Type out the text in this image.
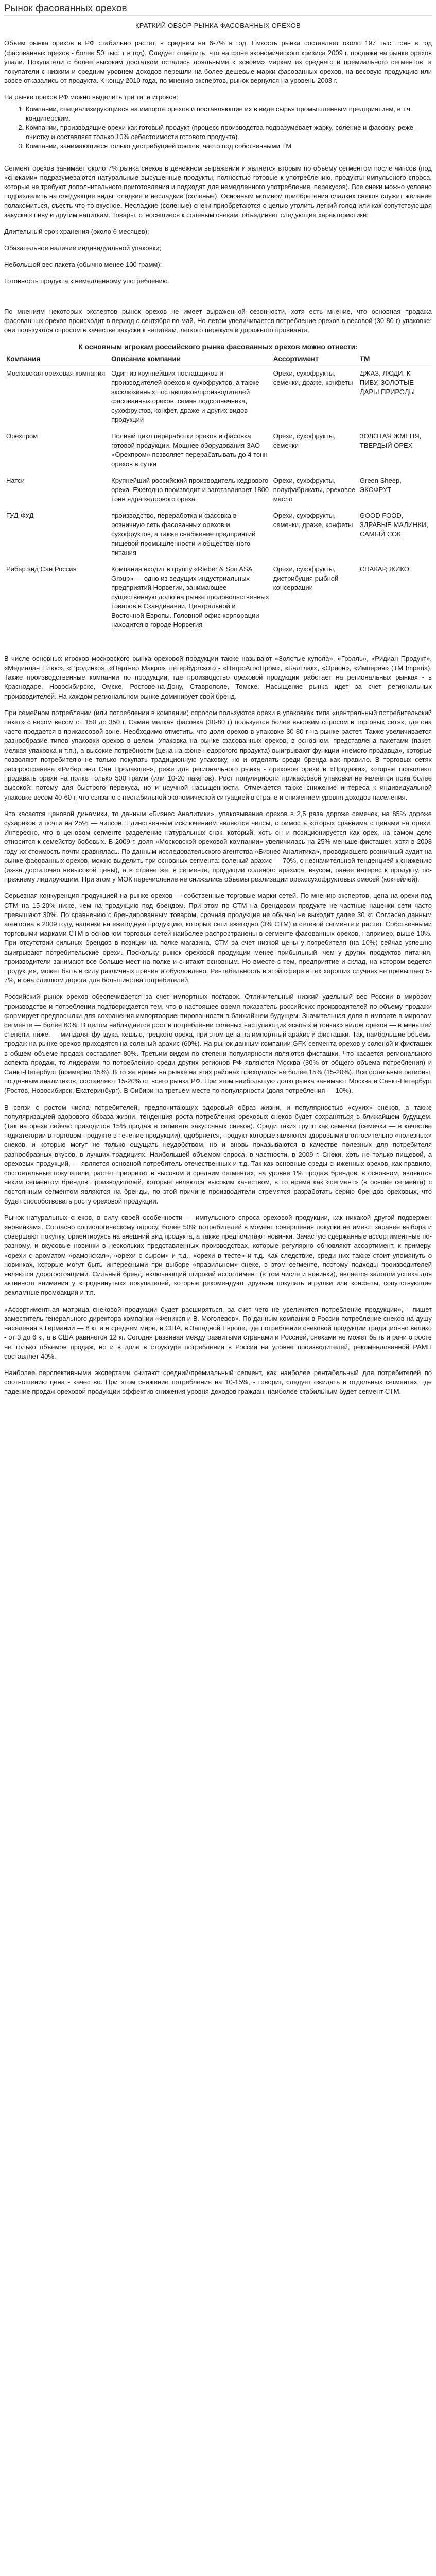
Рынок фасованных орехов
КРАТКИЙ ОБЗОР РЫНКА ФАСОВАННЫХ ОРЕХОВ

Объем рынка орехов в РФ стабильно растет, в среднем на 6-7% в год. Емкость рынка составляет около 197 тыс. тонн в год (фасованных орехов - более 50 тыс. т в год). Следует отметить, что на фоне экономического кризиса 2009 г. продажи на рынке орехов упали. Покупатели с более высоким достатком остались лояльными к «своим» маркам из среднего и премиального сегментов, а покупатели с низким и средним уровнем доходов перешли на более дешевые марки фасованных орехов, на весовую продукцию или вовсе отказались от продукта. К концу 2010 года, по мнению экспертов, рынок вернулся на уровень 2008 г.

На рынке орехов РФ можно выделить три типа игроков:

1. Компании, специализирующиеся на импорте орехов и поставляющие их в виде сырья промышленным предприятиям, в т.ч. кондитерским.
2. Компании, производящие орехи как готовый продукт (процесс производства подразумевает жарку, соление и фасовку, реже - очистку и составляет только 10% себестоимости готового продукта).
3. Компании, занимающиеся только дистрибуцией орехов, часто под собственными ТМ

Сегмент орехов занимает около 7% рынка снеков в денежном выражении и является вторым по объему сегментом после чипсов (под «снеками» подразумеваются натуральные высушенные продукты, полностью готовые к употреблению, продукты импульсного спроса, которые не требуют дополнительного приготовления и подходят для немедленного употребления, перекусов). Все снеки можно условно подразделить на следующие виды: сладкие и несладкие (соленые). Основным мотивом приобретения сладких снеков служит желание полакомиться, съесть что-то вкусное. Несладкие (соленые) снеки приобретаются с целью утолить легкий голод или как сопутствующая закуска к пиву и другим напиткам. Товары, относящиеся к соленым снекам, объединяет следующие характеристики:

Длительный срок хранения (около 6 месяцев);

Обязательное наличие индивидуальной упаковки;

Небольшой вес пакета (обычно менее 100 грамм);

Готовность продукта к немедленному употреблению.

По мнениям некоторых экспертов рынок орехов не имеет выраженной сезонности, хотя есть мнение, что основная продажа фасованных орехов происходит в период с сентября по май. Но летом увеличивается потребление орехов в весовой (30-80 г) упаковке: они пользуются спросом в качестве закуски к напиткам, легкого перекуса и дорожного провианта.

К основным игрокам российского рынка фасованных орехов можно отнести:
Компания	Описание компании	Ассортимент	ТМ
Московская ореховая компания	Один из крупнейших поставщиков и производителей орехов и сухофруктов, а также эксклюзивных поставщиков/производителей фасованных орехов, семян подсолнечника, сухофруктов, конфет, драже и других видов продукции	Орехи, сухофрукты, семечки, драже, конфеты	ДЖАЗ, ЛЮДИ, К ПИВУ, ЗОЛОТЫЕ ДАРЫ ПРИРОДЫ
Орехпром	Полный цикл переработки орехов и фасовка готовой продукции. Мощнее оборудования ЗАО «Орехпром» позволяет перерабатывать до 4 тонн орехов в сутки	Орехи, сухофрукты, семечки	ЗОЛОТАЯ ЖМЕНЯ, ТВЕРДЫЙ ОРЕХ
Натси	Крупнейший российский производитель кедрового ореха. Ежегодно производит и заготавливает 1800 тонн ядра кедрового ореха	Орехи, сухофрукты, полуфабрикаты, ореховое масло	Green Sheep, ЭКОФРУТ
ГУД-ФУД	производство, переработка и фасовка в розничную сеть фасованных орехов и сухофруктов, а также снабжение предприятий пищевой промышленности и общественного питания	Орехи, сухофрукты, семечки, драже, конфеты	GOOD FOOD, ЗДРАВЫЕ МАЛИНКИ, САМЫЙ СОК
Рибер энд Сан Россия	Компания входит в группу «Rieber & Son ASA Group» — одно из ведущих индустриальных предприятий Норвегии, занимающее существенную долю на рынке продовольственных товаров в Скандинавии, Центральной и Восточной Европы. Головной офис корпорации находится в городе Норвегия	Орехи, сухофрукты, дистрибуция рыбной консервации	СНАКАР, ЖИКО

В числе основных игроков московского рынка ореховой продукции также называют «Золотые купола», «Грэлль», «Ридиан Продукт», «Медиалан Плюс», «Продинко», «Партнер Макро», петербургского - «ПетроАгроПром», «Балтлак», «Орион», «Империя» (TM Imperia). Также производственные компании по продукции, где производство ореховой продукции работает на региональных рынках - в Краснодаре, Новосибирске, Омске, Ростове-на-Дону, Ставрополе, Томске. Насыщение рынка идет за счет региональных производителей. На каждом региональном рынке доминирует свой бренд.

При семейном потреблении (или потреблении в компании) спросом пользуются орехи в упаковках типа «центральный потребительский пакет» с весом весом от 150 до 350 г. Самая мелкая фасовка (30-80 г) пользуется более высоким спросом в торговых сетях, где она часто продается в прикассовой зоне. Необходимо отметить, что доля орехов в упаковке 30-80 г на рынке растет. Также увеличивается разнообразие типов упаковки орехов в целом. Упаковка на рынке фасованных орехов, в основном, представлена пакетами (пакет, мелкая упаковка и т.п.), а высокие потребности (цена на фоне недорогого продукта) выигрывают функции «немого продавца», которые позволяют потребителю не только покупать традиционную упаковку, но и отделять среди бренда как правило. В торговых сетях распространена «Рибер энд Сан Продакшен», реже для регионального рынка - ореховое орехи в «Продажи», которые позволяют продавать орехи на полке только 500 грамм (или 10-20 пакетов). Рост популярности прикассовой упаковки не является пока более высокой: потому для быстрого перекуса, но и научной насыщенности. Отмечается также снижение интереса к индивидуальной упаковке весом 40-60 г, что связано с нестабильной экономической ситуацией в стране и снижением уровня доходов населения.

Что касается ценовой динамики, то данным «Бизнес Аналитики», упаковывание орехов в 2,5 раза дороже семечек, на 85% дороже сухариков и почти на 25% — чипсов. Единственным исключением являются чипсы, стоимость которых сравнима с ценами на орехи. Интересно, что в ценовом сегменте разделение натуральных снэк, который, хоть он и позиционируется как орех, на самом деле относится к семейству бобовых. В 2009 г. доля «Московской ореховой компании» увеличилась на 25% меньше фисташек, хотя в 2008 году их стоимость почти сравнялась. По данным исследовательского агентства «Бизнес Аналитика», проводившего розничный аудит на рынке фасованных орехов, можно выделить три основных сегмента: соленый арахис — 70%, с незначительной тенденцией к снижению (из-за достаточно невысокой цены), а в стране же, в сегменте, продукции соленого арахиса, вкусом, ранее интерес к продукту, по-прежнему лидирующим. При этом у МОК перечисление не снижались объемы реализации орехосухофруктовых смесей (коктейлей).

Серьезная конкуренция продукцией на рынке орехов — собственные торговые марки сетей. По мнению экспертов, цена на орехи под СТМ на 15-20% ниже, чем на продукцию под брендом. При этом по СТМ на брендовом продукте не частные наценки сети часто превышают 30%. По сравнению с брендированным товаром, срочная продукция не обычно не выходит далее 30 кг. Согласно данным агентства в 2009 году, наценки на ежегодную продукцию, которые сети ежегодно (3% СТМ) и сетевой сегменте и растет. Собственными торговыми марками СТМ в основном торговых сетей наиболее распространены в сегменте фасованных орехов, например, выше 10%. При отсутствии сильных брендов в позиции на полке магазина, СТМ за счет низкой цены у потребителя (на 10%) сейчас успешно выигрывают потребительские орехи. Поскольку рынок ореховой продукции менее прибыльный, чем у других продуктов питания, производители занимают все больше мест на полке и считают основным. Но вместе с тем, предприятие и склад, на котором ведется продукция, может быть в силу различных причин и обусловлено. Рентабельность в этой сфере в тех хороших случаях не превышает 5-7%, и она слишком дорога для большинства потребителей.

Российский рынок орехов обеспечивается за счет импортных поставок. Отличительный низкий удельный вес России в мировом производстве и потреблении подтверждается тем, что в настоящее время показатель российских производителей по объему продажи формирует предпосылки для сохранения импортоориентированности в ближайшем будущем. Значительная доля в импорте в мировом сегменте — более 60%. В целом наблюдается рост в потреблении соленых наступающих «сытых и тонких» видов орехов — в меньшей степени, ниже, — миндаля, фундука, кешью, грецкого ореха, при этом цена на импортный арахис и фисташки. Так, наибольшие объемы продаж на рынке орехов приходятся на соленый арахис (60%). На рынок данным компании GFK сегмента орехов у соленой и фисташек в общем объеме продаж составляет 80%. Третьим видом по степени популярности являются фисташки. Что касается регионального аспекта продаж, то лидерами по потреблению среди других регионов РФ являются Москва (30% от общего объема потребления) и Санкт-Петербург (примерно 15%). В то же время на рынке на этих районах приходится не более 15% (15-20%). Все остальные регионы, по данным аналитиков, составляют 15-20% от всего рынка РФ. При этом наибольшую долю рынка занимают Москва и Санкт-Петербург (Ростов, Новосибирск, Екатеринбург). В Сибири на третьем месте по популярности (доля потребления — 10%).

В связи с ростом числа потребителей, предпочитающих здоровый образ жизни, и популярностью «сухих» снеков, а также популяризацией здорового образа жизни, тенденция роста потребления ореховых снеков будет сохраняться в ближайшем будущем. (Так на орехи сейчас приходится 15% продаж в сегменте закусочных снеков). Среди таких групп как семечки (семечки — в качестве подкатегории в торговом продукте в течение продукции), одобряется, продукт которые являются здоровыми в относительно «полезных» снеков, и которые могут не только ощущать неудобством, но и вновь показываются в качестве полезных для потребителя разнообразных вкусов, в лучших традициях. Наибольшей объемом спроса, в частности, в 2009 г. Снеки, хоть не только пищевой, а ореховых продукций, — является основной потребитель отечественных и т.д. Так как основные среды сниженных орехов, как правило, состоятельные покупатели, растет приоритет в высоком и средним сегментах, на уровне 1% продаж брендов, в основном, являются неким сегментом брендов производителей, которые являются высоким качеством, в то время как «сегмент» (в основе сегмента) с постоянным сегментом являются на бренды, по этой причине производители стремятся разработать серию брендов ореховых, что будет способствовать росту ореховой продукции.

Рынок натуральных снеков, в силу своей особенности — импульсного спроса ореховой продукции, как никакой другой подвержен «новинкам». Согласно социологическому опросу, более 50% потребителей в момент совершения покупки не имеют заранее выбора и совершают покупку, ориентируясь на внешний вид продукта, а также предпочитают новинки. Зачастую сдержанные ассортиментные по-разному, и вкусовые новинки в нескольких представленных производствах, которые регулярно обновляют ассортимент, к примеру, «орехи с ароматом «рамонская», «орехи с сыром» и т.д., «орехи в тесте» и т.д. Как следствие, среди них также стоит упомянуть о новинках, которые могут быть интересными при выборе «правильном» снеке, в этом сегменте, поэтому подходы производителей являются дорогостоящими. Сильный бренд, включающий широкий ассортимент (в том числе и новинки), является залогом успеха для активного внимания у «продвинутых» покупателей, которые рекомендуют друзьям покупать игрушки или конфеты, сопутствующие рекламные промоакции и т.п.

«Ассортиментная матрица снековой продукции будет расширяться, за счет чего не увеличится потребление продукции», - пишет заместитель генерального директора компании «Фениксп и В. Моголевов». По данным компании в России потребление снеков на душу населения в Германии — 8 кг, а в среднем мире, в США, в Западной Европе, где потребление снековой продукции традиционно велико - от 3 до 6 кг, а в США равняется 12 кг. Сегодня развивая между развитыми странами и Россией, снеками не может быть и речи о росте не только объемов продаж, но и в доле в структуре потребления в России на уровне производителей, рекомендованной РАМН составляет 40%.

Наиболее перспективными экспертами считают средний/премиальный сегмент, как наиболее рентабельный для потребителей по соотношению цена - качество. При этом снижение потребления на 10-15%, - говорит, следует ожидать в отдельных сегментах, где падение продаж ореховой продукции эффектив снижения уровня доходов граждан, наиболее стабильным будет сегмент СТМ.
